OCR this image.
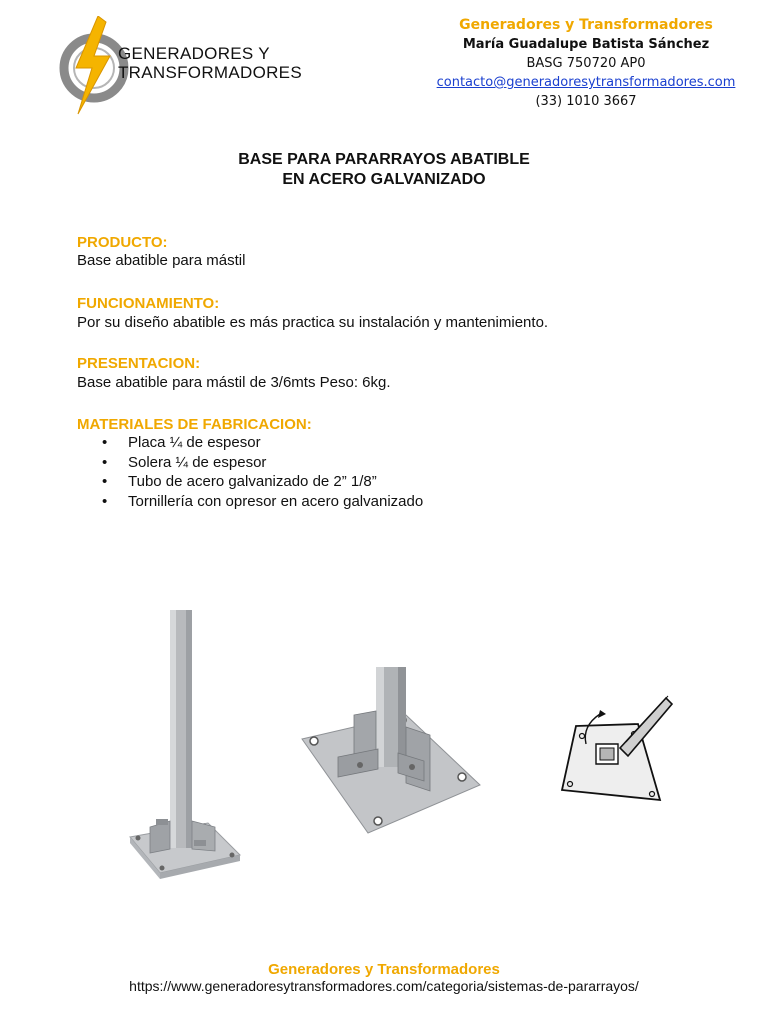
GENERADORES Y
TRANSFORMADORES
Generadores y Transformadores
María Guadalupe Batista Sánchez
BASG 750720 AP0
contacto@generadoresytransformadores.com
(33) 1010 3667
BASE PARA PARARRAYOS ABATIBLE
EN ACERO GALVANIZADO
PRODUCTO:
Base abatible para mástil
FUNCIONAMIENTO:
Por su diseño abatible es más practica su instalación y mantenimiento.
PRESENTACION:
Base abatible para mástil de 3/6mts Peso: 6kg.
MATERIALES DE FABRICACION:
• Placa ¼ de espesor
• Solera ¼ de espesor
• Tubo de acero galvanizado de 2” 1/8”
• Tornillería con opresor en acero galvanizado
Generadores y Transformadores
https://www.generadoresytransformadores.com/categoria/sistemas-de-pararrayos/
